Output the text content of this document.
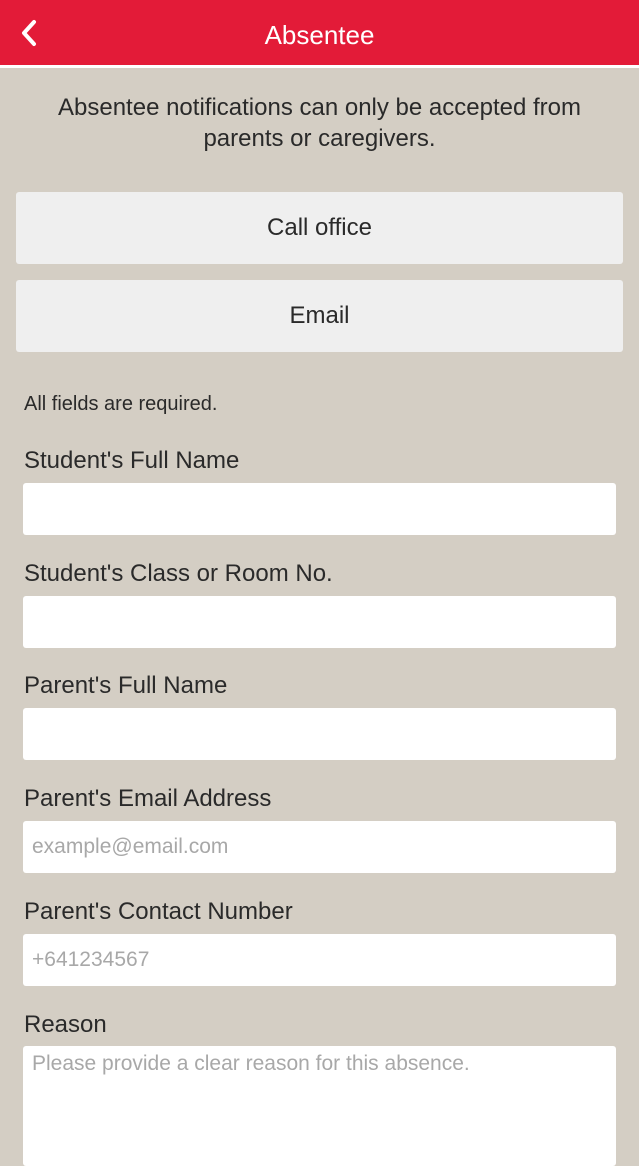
Absentee
Absentee notifications can only be accepted from parents or caregivers.
Call office
Email
All fields are required.
Student's Full Name
Student's Class or Room No.
Parent's Full Name
Parent's Email Address
example@email.com
Parent's Contact Number
+641234567
Reason
Please provide a clear reason for this absence.
